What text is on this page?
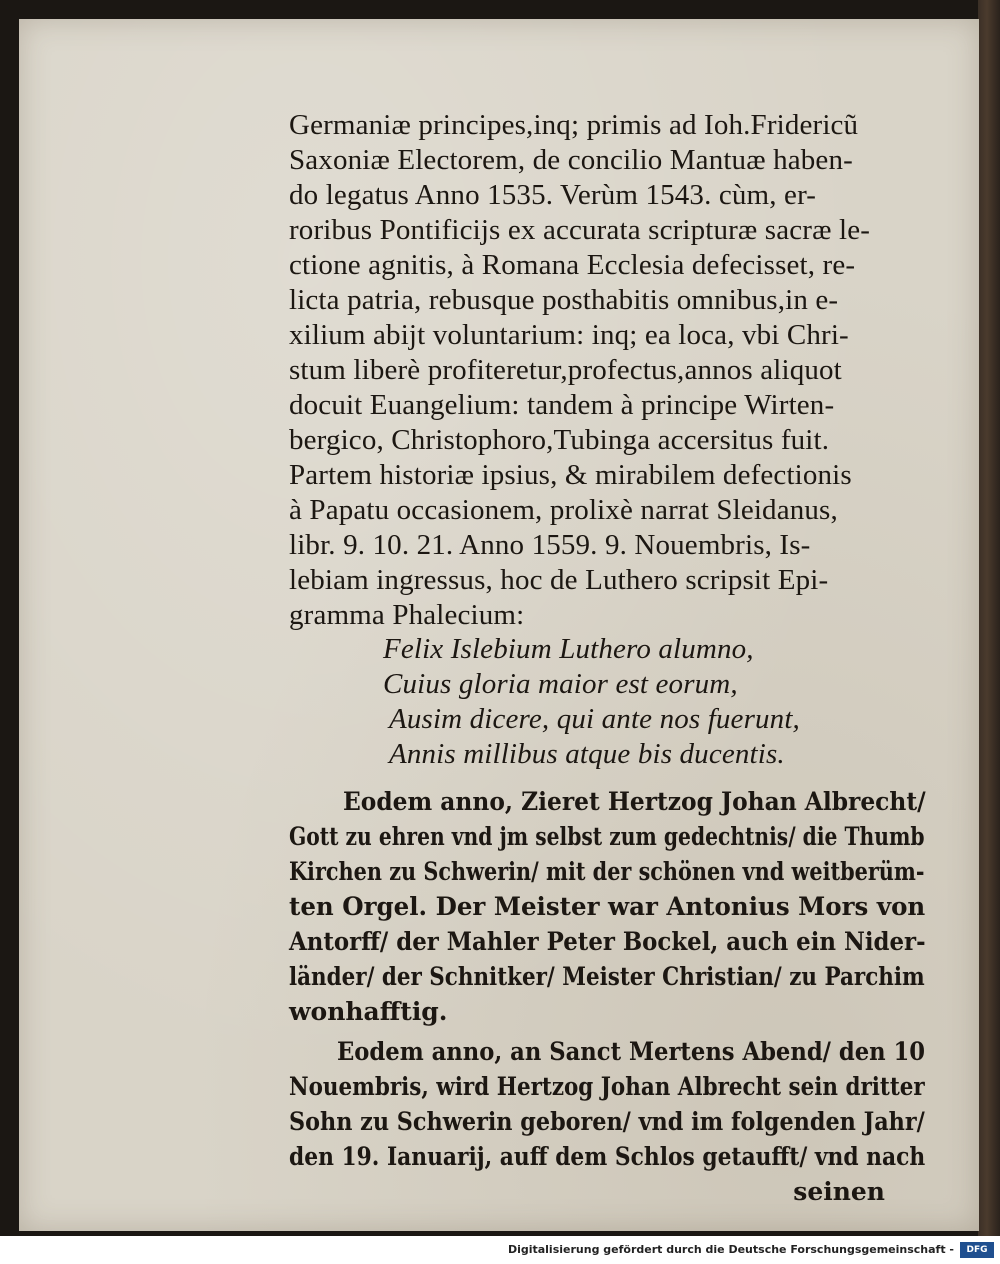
Germaniæ principes,inq; primis ad Ioh.Fridericũ
Saxoniæ Electorem, de concilio Mantuæ haben-
do legatus Anno 1535. Verùm 1543. cùm, er-
roribus Pontificijs ex accurata scripturæ sacræ le-
ctione agnitis, à Romana Ecclesia defecisset, re-
licta patria, rebusque posthabitis omnibus,in e-
xilium abijt voluntarium: inq; ea loca, vbi Chri-
stum liberè profiteretur,profectus,annos aliquot
docuit Euangelium: tandem à principe Wirten-
bergico, Christophoro,Tubinga accersitus fuit.
Partem historiæ ipsius, & mirabilem defectionis
à Papatu occasionem, prolixè narrat Sleidanus,
libr. 9. 10. 21. Anno 1559. 9. Nouembris, Is-
lebiam ingressus, hoc de Luthero scripsit Epi-
gramma Phalecium:
Felix Islebium Luthero alumno,
Cuius gloria maior est eorum,
Ausim dicere, qui ante nos fuerunt,
Annis millibus atque bis ducentis.
Eodem anno, Zieret Hertzog Johan Albrecht/
Gott zu ehren vnd jm selbst zum gedechtnis/ die Thumb
Kirchen zu Schwerin/ mit der schönen vnd weitberüm-
ten Orgel. Der Meister war Antonius Mors von
Antorff/ der Mahler Peter Bockel, auch ein Nider-
länder/ der Schnitker/ Meister Christian/ zu Parchim
wonhafftig.
Eodem anno, an Sanct Mertens Abend/ den 10
Nouembris, wird Hertzog Johan Albrecht sein dritter
Sohn zu Schwerin geboren/ vnd im folgenden Jahr/
den 19. Ianuarij, auff dem Schlos getaufft/ vnd nach
seinen
Digitalisierung gefördert durch die Deutsche Forschungsgemeinschaft -	DFG
